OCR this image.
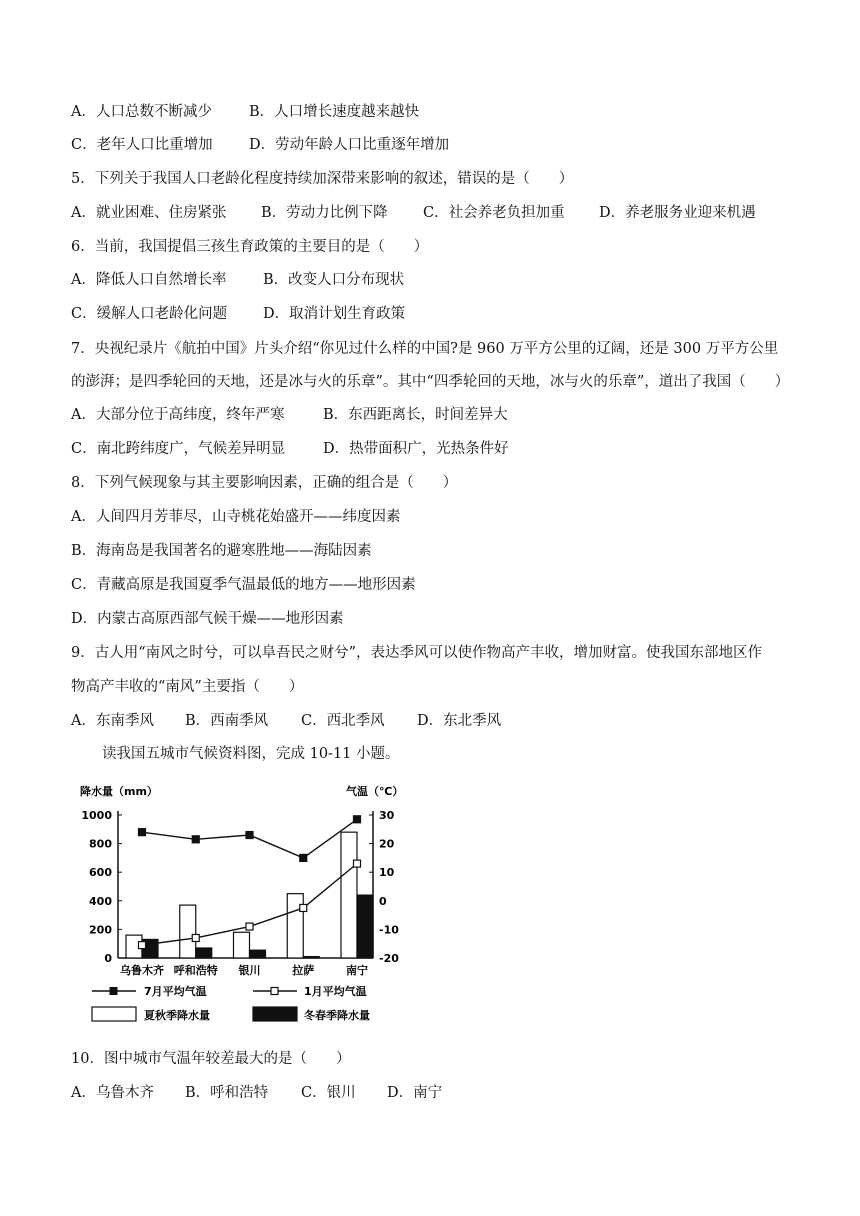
A．人口总数不断减少	B．人口增长速度越来越快
C．老年人口比重增加	D．劳动年龄人口比重逐年增加
5．下列关于我国人口老龄化程度持续加深带来影响的叙述，错误的是（　　）
A．就业困难、住房紧张 B．劳动力比例下降 C．社会养老负担加重 D．养老服务业迎来机遇
6．当前，我国提倡三孩生育政策的主要目的是（　　）
A．降低人口自然增长率	B．改变人口分布现状
C．缓解人口老龄化问题 D．取消计划生育政策
7．央视纪录片《航拍中国》片头介绍“你见过什么样的中国?是 960 万平方公里的辽阔，还是 300 万平方公里
的澎湃；是四季轮回的天地，还是冰与火的乐章”。其中“四季轮回的天地，冰与火的乐章”，道出了我国（　　）
A．大部分位于高纬度，终年严寒	B．东西距离长，时间差异大
C．南北跨纬度广，气候差异明显	D．热带面积广，光热条件好
8．下列气候现象与其主要影响因素，正确的组合是（　　）
A．人间四月芳菲尽，山寺桃花始盛开——纬度因素
B．海南岛是我国著名的避寒胜地——海陆因素
C．青藏高原是我国夏季气温最低的地方——地形因素
D．内蒙古高原西部气候干燥——地形因素
9．古人用“南风之时兮，可以阜吾民之财兮”，表达季风可以使作物高产丰收，增加财富。使我国东部地区作
物高产丰收的“南风”主要指（　　）
A．东南季风 B．西南季风 C．西北季风 D．东北季风
读我国五城市气候资料图，完成 10-11 小题。
降水量（mm）	气温（℃）
0
200
400
600
800
1000	30
20
10
0
-10
-20
乌鲁木齐 呼和浩特 银川	拉萨	南宁
7月平均气温	1月平均气温
夏秋季降水量	冬春季降水量
10．图中城市气温年较差最大的是（　　）
A．乌鲁木齐 B．呼和浩特 C．银川 D．南宁
